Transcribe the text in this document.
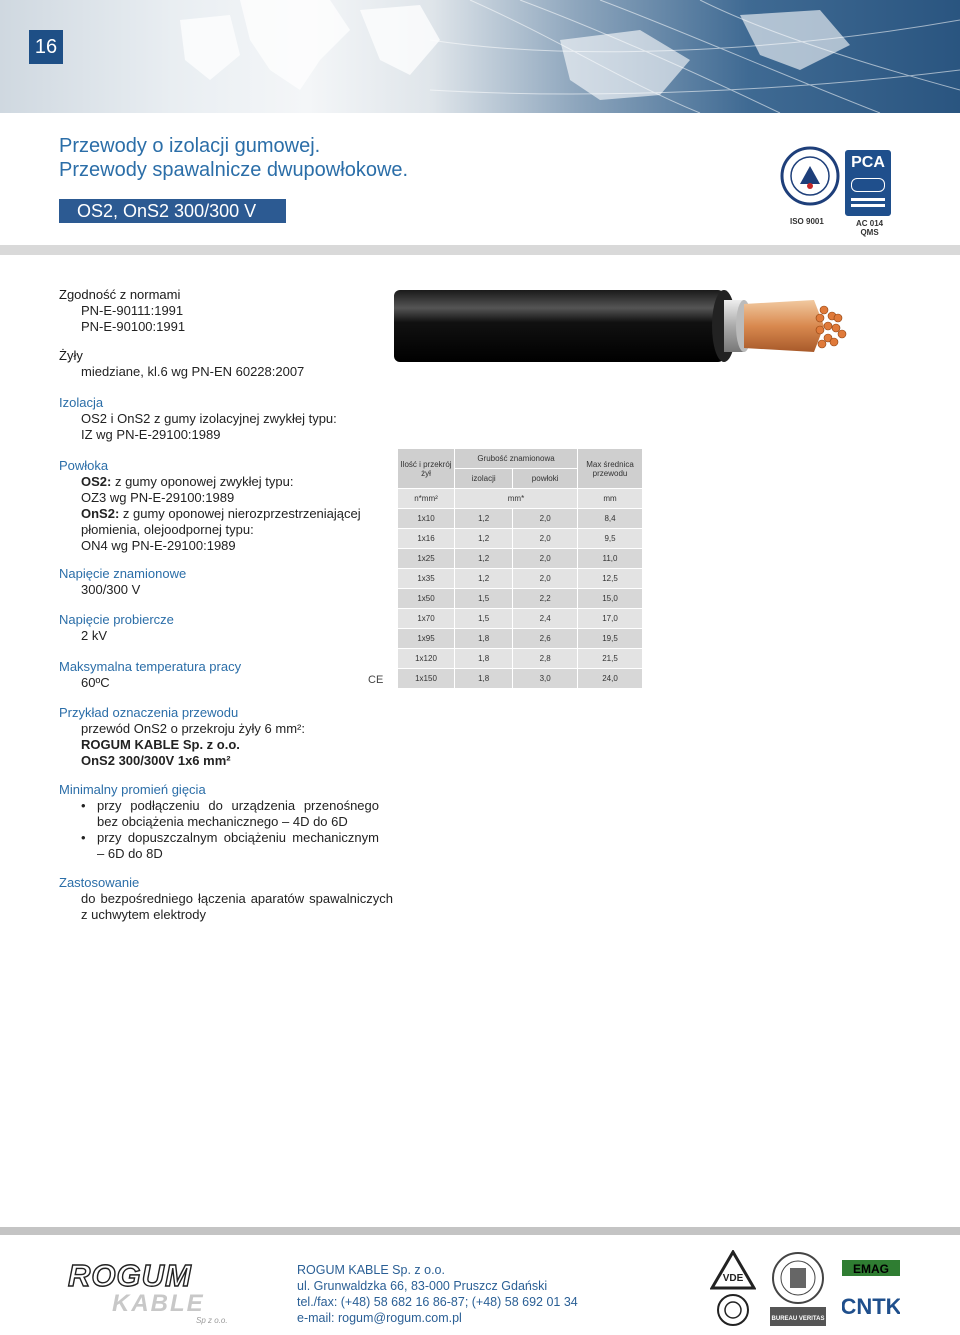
16
Przewody o izolacji gumowej.
Przewody spawalnicze dwupowłokowe.
OS2, OnS2 300/300 V
ISO 9001
PCA
AC 014
QMS
Zgodność z normami
PN-E-90111:1991
PN-E-90100:1991
Żyły
miedziane, kl.6 wg PN-EN 60228:2007
Izolacja
OS2 i OnS2 z gumy izolacyjnej zwykłej typu:
IZ wg PN-E-29100:1989
Powłoka
OS2: z gumy oponowej zwykłej typu:
OZ3 wg PN-E-29100:1989
OnS2: z gumy oponowej nierozprzestrzeniającej płomienia, olejoodpornej typu:
ON4 wg PN-E-29100:1989
Napięcie znamionowe
300/300 V
Napięcie probiercze
2 kV
Maksymalna temperatura pracy
60ºC	CE
Przykład oznaczenia przewodu
przewód OnS2 o przekroju żyły 6 mm²:
ROGUM KABLE Sp. z o.o.
OnS2 300/300V 1x6 mm²
Minimalny promień gięcia
• przy podłączeniu do urządzenia przenośnego bez obciążenia mechanicznego – 4D do 6D
• przy dopuszczalnym obciążeniu mechanicznym – 6D do 8D
Zastosowanie
do bezpośredniego łączenia aparatów spawalniczych z uchwytem elektrody
Ilość i przekrój żył	Grubość znamionowa		Max średnica przewodu
	izolacji	powłoki	
n*mm²	mm*		mm
1x10	1,2	2,0	8,4
1x16	1,2	2,0	9,5
1x25	1,2	2,0	11,0
1x35	1,2	2,0	12,5
1x50	1,5	2,2	15,0
1x70	1,5	2,4	17,0
1x95	1,8	2,6	19,5
1x120	1,8	2,8	21,5
1x150	1,8	3,0	24,0
ROGUM
KABLE
Sp z o.o.
ROGUM KABLE Sp. z o.o.
ul. Grunwaldzka 66, 83-000 Pruszcz Gdański
tel./fax: (+48) 58 682 16 86-87; (+48) 58 692 01 34
e-mail: rogum@rogum.com.pl
VDE
BUREAU VERITAS
EMAG
CNTK
